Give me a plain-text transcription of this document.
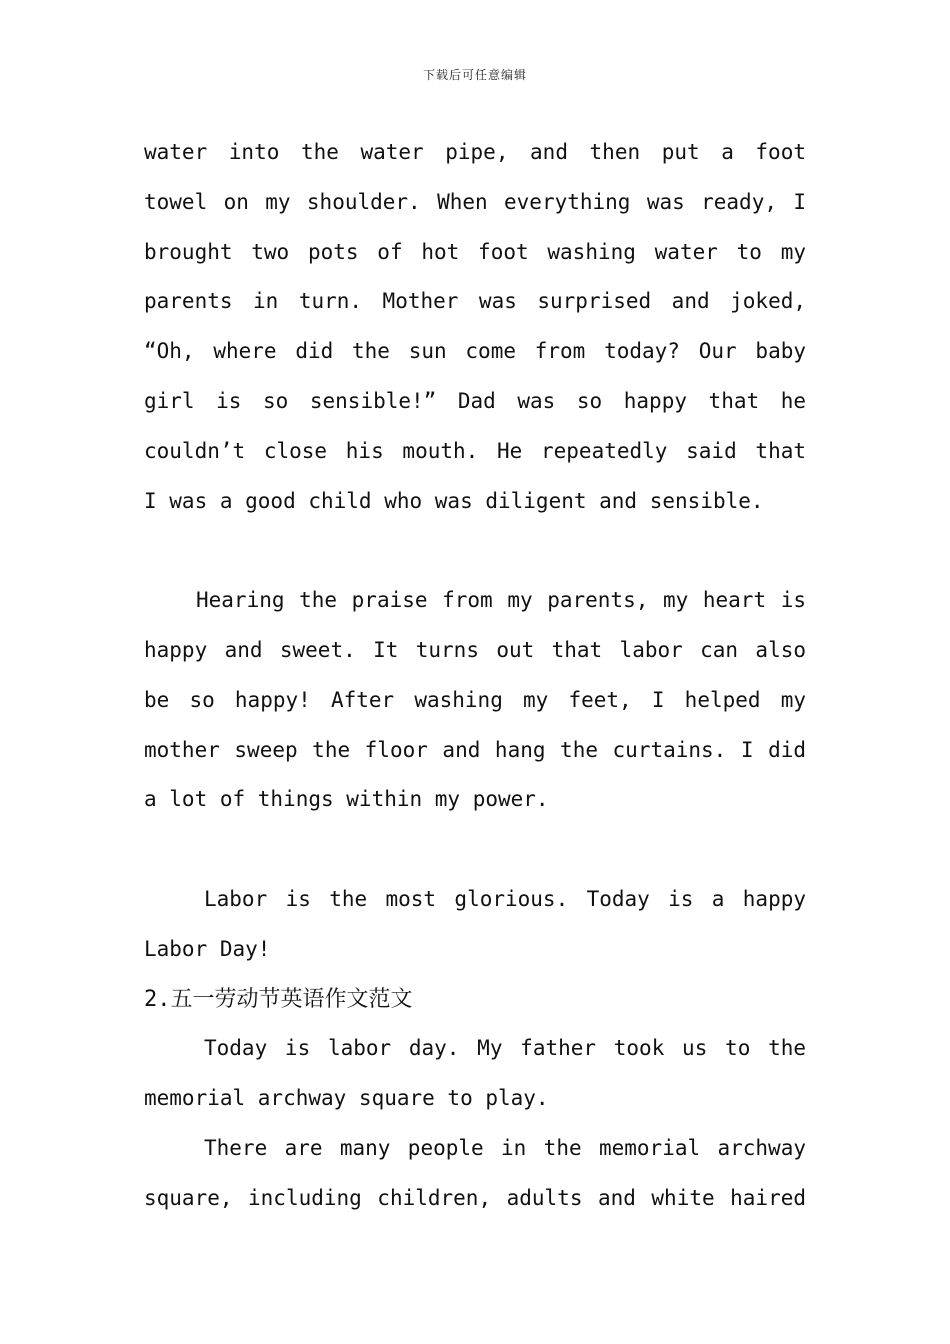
下载后可任意编辑
water into the water pipe, and then put a foot
towel on my shoulder. When everything was ready, I
brought two pots of hot foot washing water to my
parents in turn. Mother was surprised and joked,
“Oh, where did the sun come from today? Our baby
girl is so sensible!” Dad was so happy that he
couldn’t close his mouth. He repeatedly said that
I was a good child who was diligent and sensible.
Hearing the praise from my parents, my heart is
happy and sweet. It turns out that labor can also
be so happy! After washing my feet, I helped my
mother sweep the floor and hang the curtains. I did
a lot of things within my power.
Labor is the most glorious. Today is a happy
Labor Day!
2.五一劳动节英语作文范文
Today is labor day. My father took us to the
memorial archway square to play.
There are many people in the memorial archway
square, including children, adults and white haired
